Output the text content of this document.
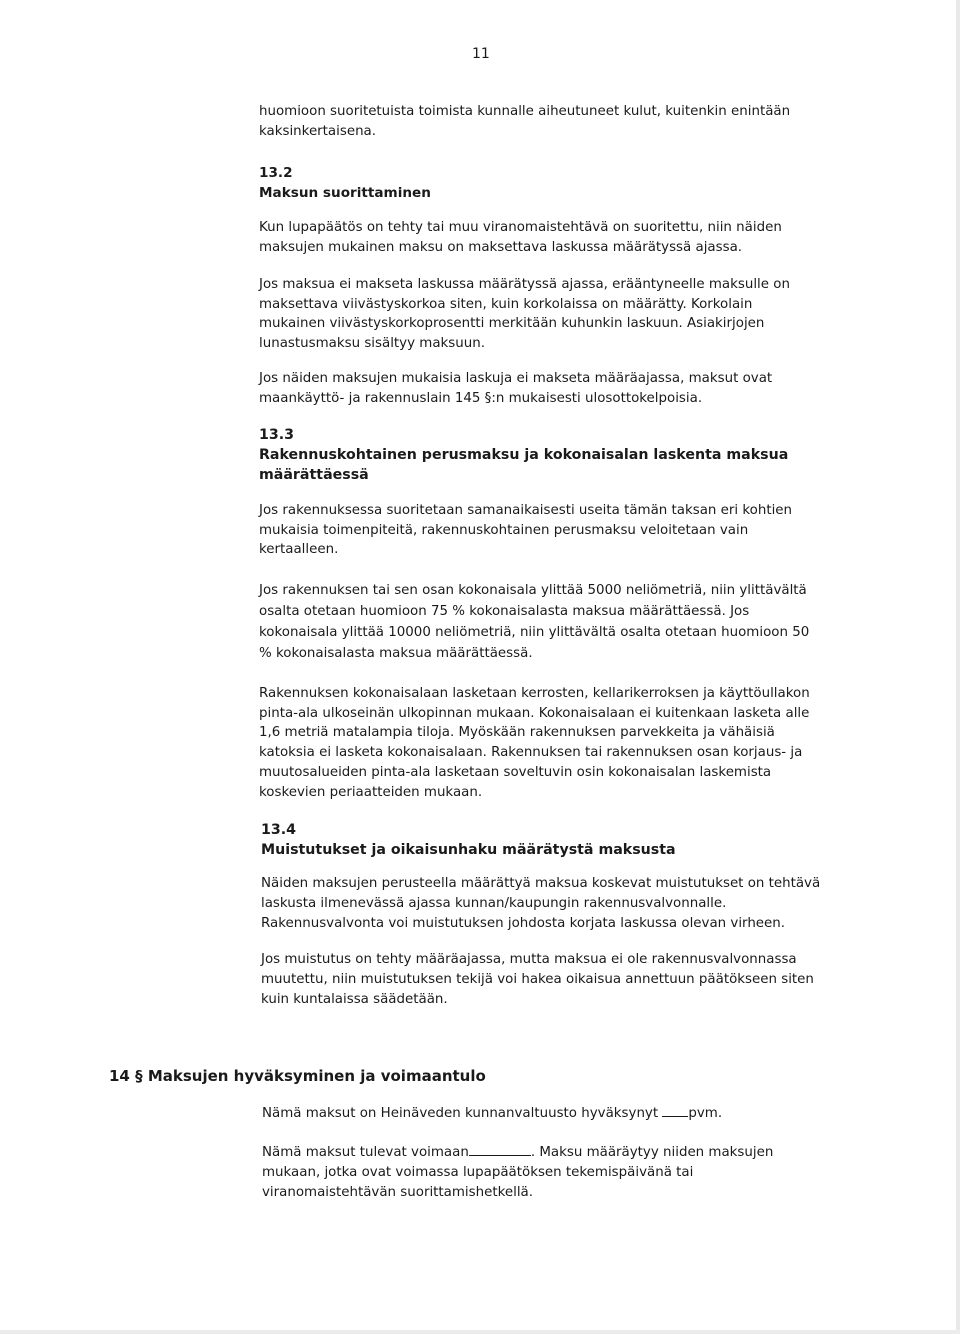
11

huomioon suoritetuista toimista kunnalle aiheutuneet kulut, kuitenkin enintään

kaksinkertaisena.

13.2

Maksun suorittaminen

Kun lupapäätös on tehty tai muu viranomaistehtävä on suoritettu, niin näiden

maksujen mukainen maksu on maksettava laskussa määrätyssä ajassa.

Jos maksua ei makseta laskussa määrätyssä ajassa, erääntyneelle maksulle on

maksettava viivästyskorkoa siten, kuin korkolaissa on määrätty. Korkolain

mukainen viivästyskorkoprosentti merkitään kuhunkin laskuun. Asiakirjojen

lunastusmaksu sisältyy maksuun.

Jos näiden maksujen mukaisia laskuja ei makseta määräajassa, maksut ovat

maankäyttö- ja rakennuslain 145 §:n mukaisesti ulosottokelpoisia.

13.3

Rakennuskohtainen perusmaksu ja kokonaisalan laskenta maksua

määrättäessä

Jos rakennuksessa suoritetaan samanaikaisesti useita tämän taksan eri kohtien

mukaisia toimenpiteitä, rakennuskohtainen perusmaksu veloitetaan vain

kertaalleen.

Jos rakennuksen tai sen osan kokonaisala ylittää 5000 neliömetriä, niin ylittävältä

osalta otetaan huomioon 75 % kokonaisalasta maksua määrättäessä. Jos

kokonaisala ylittää 10000 neliömetriä, niin ylittävältä osalta otetaan huomioon 50

% kokonaisalasta maksua määrättäessä.

Rakennuksen kokonaisalaan lasketaan kerrosten, kellarikerroksen ja käyttöullakon

pinta-ala ulkoseinän ulkopinnan mukaan. Kokonaisalaan ei kuitenkaan lasketa alle

1,6 metriä matalampia tiloja. Myöskään rakennuksen parvekkeita ja vähäisiä

katoksia ei lasketa kokonaisalaan. Rakennuksen tai rakennuksen osan korjaus- ja

muutosalueiden pinta-ala lasketaan soveltuvin osin kokonaisalan laskemista

koskevien periaatteiden mukaan.

13.4

Muistutukset ja oikaisunhaku määrätystä maksusta

Näiden maksujen perusteella määrättyä maksua koskevat muistutukset on tehtävä

laskusta ilmenevässä ajassa kunnan/kaupungin rakennusvalvonnalle.

Rakennusvalvonta voi muistutuksen johdosta korjata laskussa olevan virheen.

Jos muistutus on tehty määräajassa, mutta maksua ei ole rakennusvalvonnassa

muutettu, niin muistutuksen tekijä voi hakea oikaisua annettuun päätökseen siten

kuin kuntalaissa säädetään.

14 § Maksujen hyväksyminen ja voimaantulo

Nämä maksut on Heinäveden kunnanvaltuusto hyväksynyt pvm.

Nämä maksut tulevat voimaan	. Maksu määräytyy niiden maksujen

mukaan, jotka ovat voimassa lupapäätöksen tekemispäivänä tai

viranomaistehtävän suorittamishetkellä.
